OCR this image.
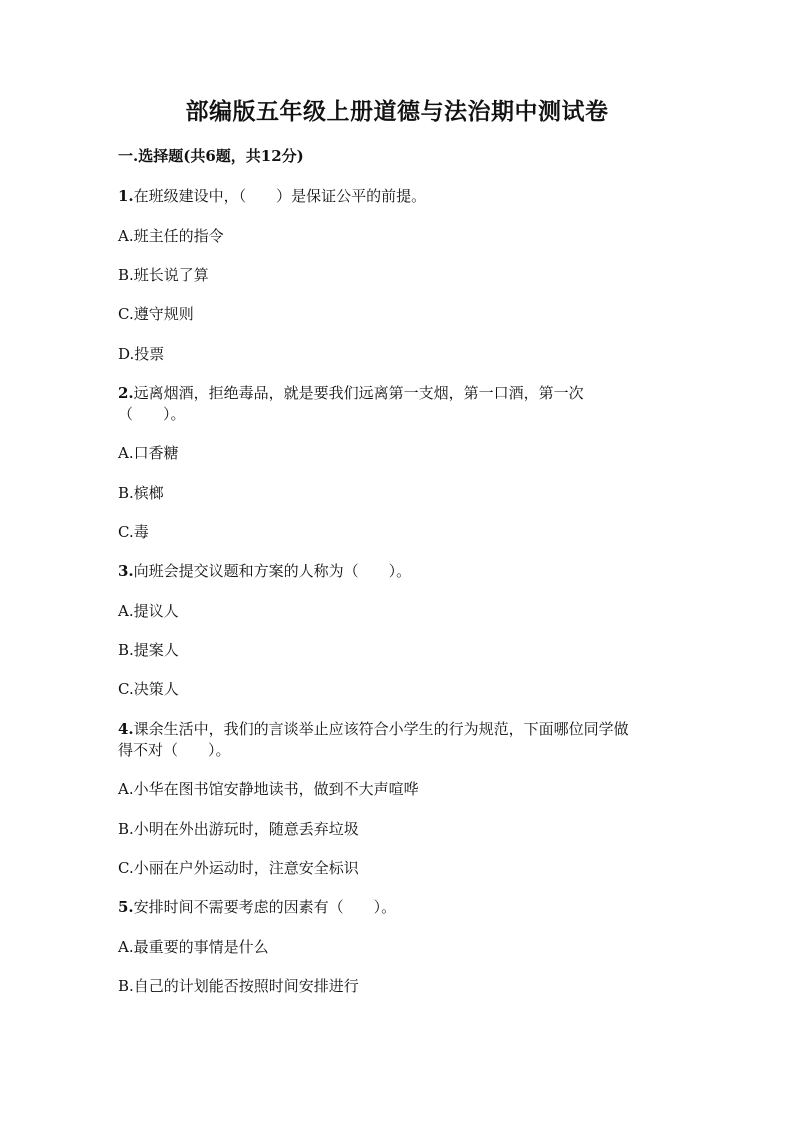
部编版五年级上册道德与法治期中测试卷
一.选择题(共6题，共12分)
1.在班级建设中，（　　）是保证公平的前提。
A.班主任的指令
B.班长说了算
C.遵守规则
D.投票
2.远离烟酒，拒绝毒品，就是要我们远离第一支烟，第一口酒，第一次
（　　）。
A.口香糖
B.槟榔
C.毒
3.向班会提交议题和方案的人称为（　　）。
A.提议人
B.提案人
C.决策人
4.课余生活中，我们的言谈举止应该符合小学生的行为规范，下面哪位同学做
得不对（　　）。
A.小华在图书馆安静地读书，做到不大声喧哗
B.小明在外出游玩时，随意丢弃垃圾
C.小丽在户外运动时，注意安全标识
5.安排时间不需要考虑的因素有（　　）。
A.最重要的事情是什么
B.自己的计划能否按照时间安排进行
